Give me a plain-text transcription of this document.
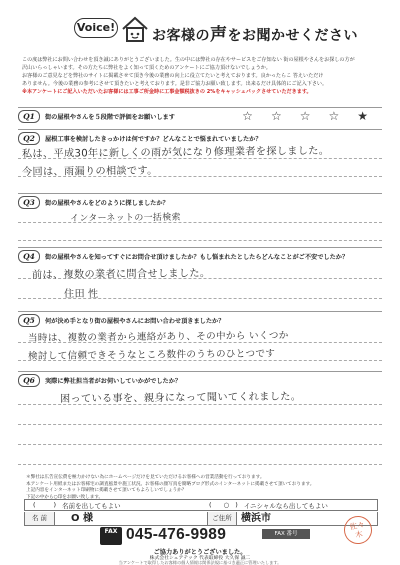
Voice!
お客様の声をお聞かせください
この度は弊社にお問い合わせを頂き誠にありがとうございました。生の中には弊社の存在やサービスをご存知ない 街の屋根やさんをお探しの方が
沢山いらっしゃいます。その方たちに弊社をよく知って頂くためのアンケートにご協力頂けないでしょうか。
お客様のご意見などを弊社のサイトに掲載させて頂き今後の業務の向上に役立てたいと考えております。良かったらこ 答えいただけ
ありません。今後の業務の参考にさせて頂きたいと考えております。是非ご協力お願い致します。出来るだけ具体的にご記入下さい。
※本アンケートにご記入いただいたお客様には工事ご所金時に工事金額税抜きの 2%をキャッシュバックさせていただきます。
Q1	街の屋根やさんを５段階で評価をお願いします	☆ ☆ ☆ ☆ ★
Q2	屋根工事を検討したきっかけは何ですか？どんなことで悩まれていましたか？
私は、平成30年に新しくの雨が気になり修理業者を探しました。
今回は、雨漏りの相談です。
Q3	街の屋根やさんをどのように探しましたか？
インターネットの一括検索
Q4	街の屋根やさんを知ってすぐにお問合せ頂けましたか？もし悩まれたとしたらどんなことがご不安でしたか？
前は、複数の業者に問合せしました。
住田 性
Q5	何が決め手となり街の屋根やさんにお問い合わせ頂きましたか？
当時は、複数の業者から連絡があり、その中から いくつか
検討して信頼できそうなところ数件のうちのひとつです
Q6	実際に弊社担当者がお伺いしていかがでしたか？
困っている事を、親身になって聞いてくれました。
＊弊社は広告宣伝費を極力かけない為にホームページだけを見ていただけるお客様への営業活動を行っております。
本アンケート用紙またはお客様宅の調査風景や施工状況、お客様の顔写真を簡略ブログ形式のインターネットに掲載させて頂いております。
上記内容をインターネット印刷物に掲載させて頂いてもよろしいでしょうか？
下記の中から○印をお願い致します。
(	) 名前を出してもよい	( ○ ) イニシャルなら出してもよい
名 前	O 様	ご住所 横浜市
FAX 045-476-9989	FAX 番号
佐々
木
ご協力ありがとうございました。
株式会社シェアテック 代表取締役 大久保 誠二
当アンケートで取得したお客様の個人情報は関係法規に基づき適正に管理いたします。
